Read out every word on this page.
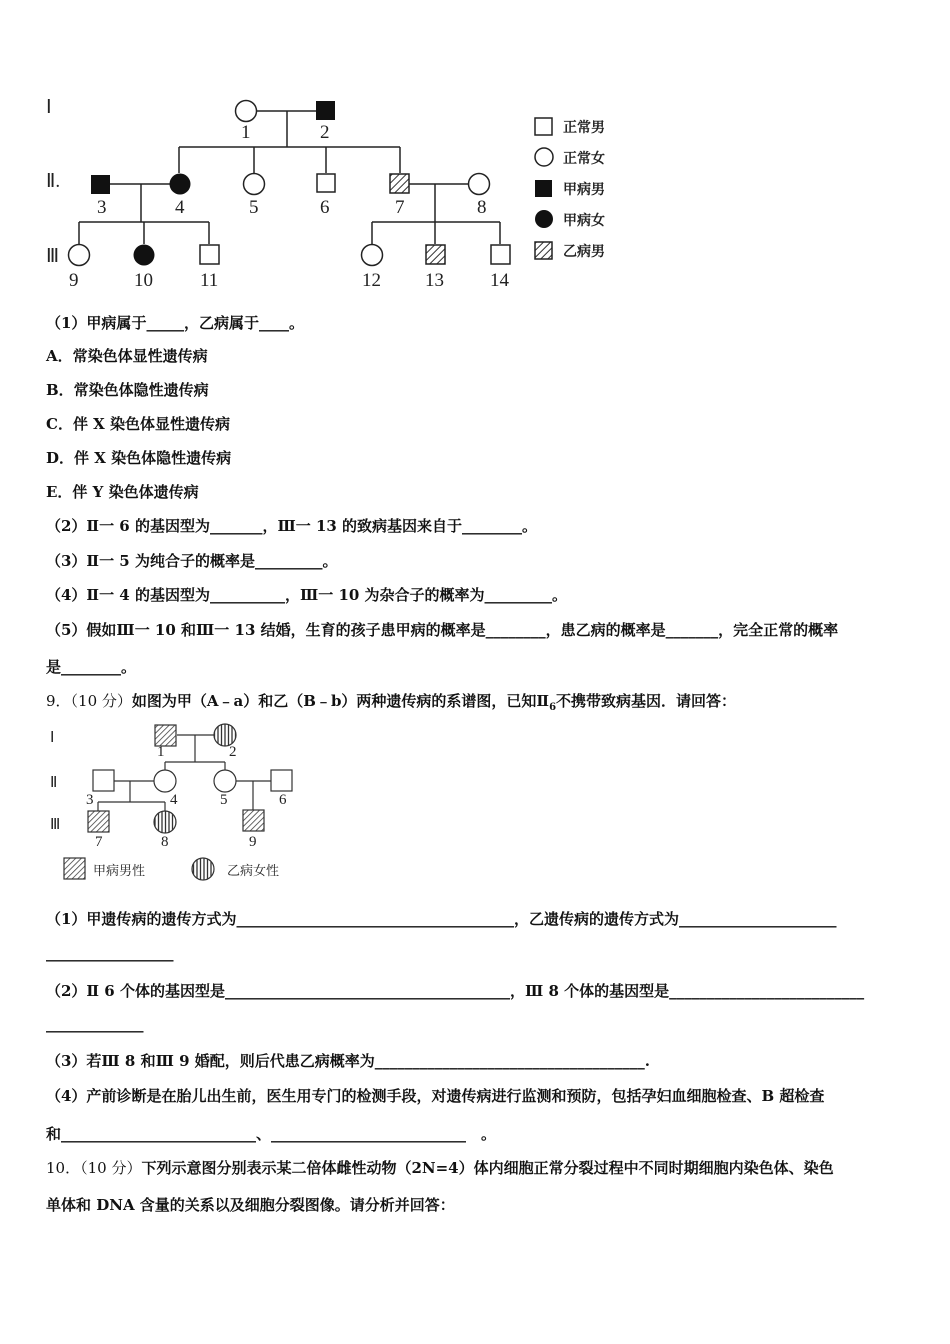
Ⅰ
Ⅱ.
Ⅲ
1	2
3	4	5	6	7	8
9	10 11	12 13 14
正常男
正常女
甲病男
甲病女
乙病男
（1）甲病属于_____，乙病属于____。
A．常染色体显性遗传病
B．常染色体隐性遗传病
C．伴 X 染色体显性遗传病
D．伴 X 染色体隐性遗传病
E．伴 Y 染色体遗传病
（2）Ⅱ一 6 的基因型为_______，Ⅲ一 13 的致病基因来自于________。
（3）Ⅱ一 5 为纯合子的概率是_________。
（4）Ⅱ一 4 的基因型为__________，Ⅲ一 10 为杂合子的概率为_________。
（5）假如Ⅲ一 10 和Ⅲ一 13 结婚，生育的孩子患甲病的概率是________，患乙病的概率是_______，完全正常的概率
是________。
9．（10 分）如图为甲（A﹣a）和乙（B﹣b）两种遗传病的系谱图，已知$Ⅱ_6$不携带致病基因．请回答：
Ⅰ
Ⅱ
Ⅲ
1	2
3	4	5	6
7	8	9
甲病男性	乙病女性
（1）甲遗传病的遗传方式为_____________________________________，乙遗传病的遗传方式为_____________________
_________________
（2）Ⅱ 6 个体的基因型是______________________________________，Ⅲ 8 个体的基因型是__________________________
_____________
（3）若Ⅲ 8 和Ⅲ 9 婚配，则后代患乙病概率为____________________________________.
（4）产前诊断是在胎儿出生前，医生用专门的检测手段，对遗传病进行监测和预防，包括孕妇血细胞检查、B 超检查
和__________________________、__________________________　。
10．（10 分）下列示意图分别表示某二倍体雌性动物（2N=4）体内细胞正常分裂过程中不同时期细胞内染色体、染色
单体和 DNA 含量的关系以及细胞分裂图像。请分析并回答：
